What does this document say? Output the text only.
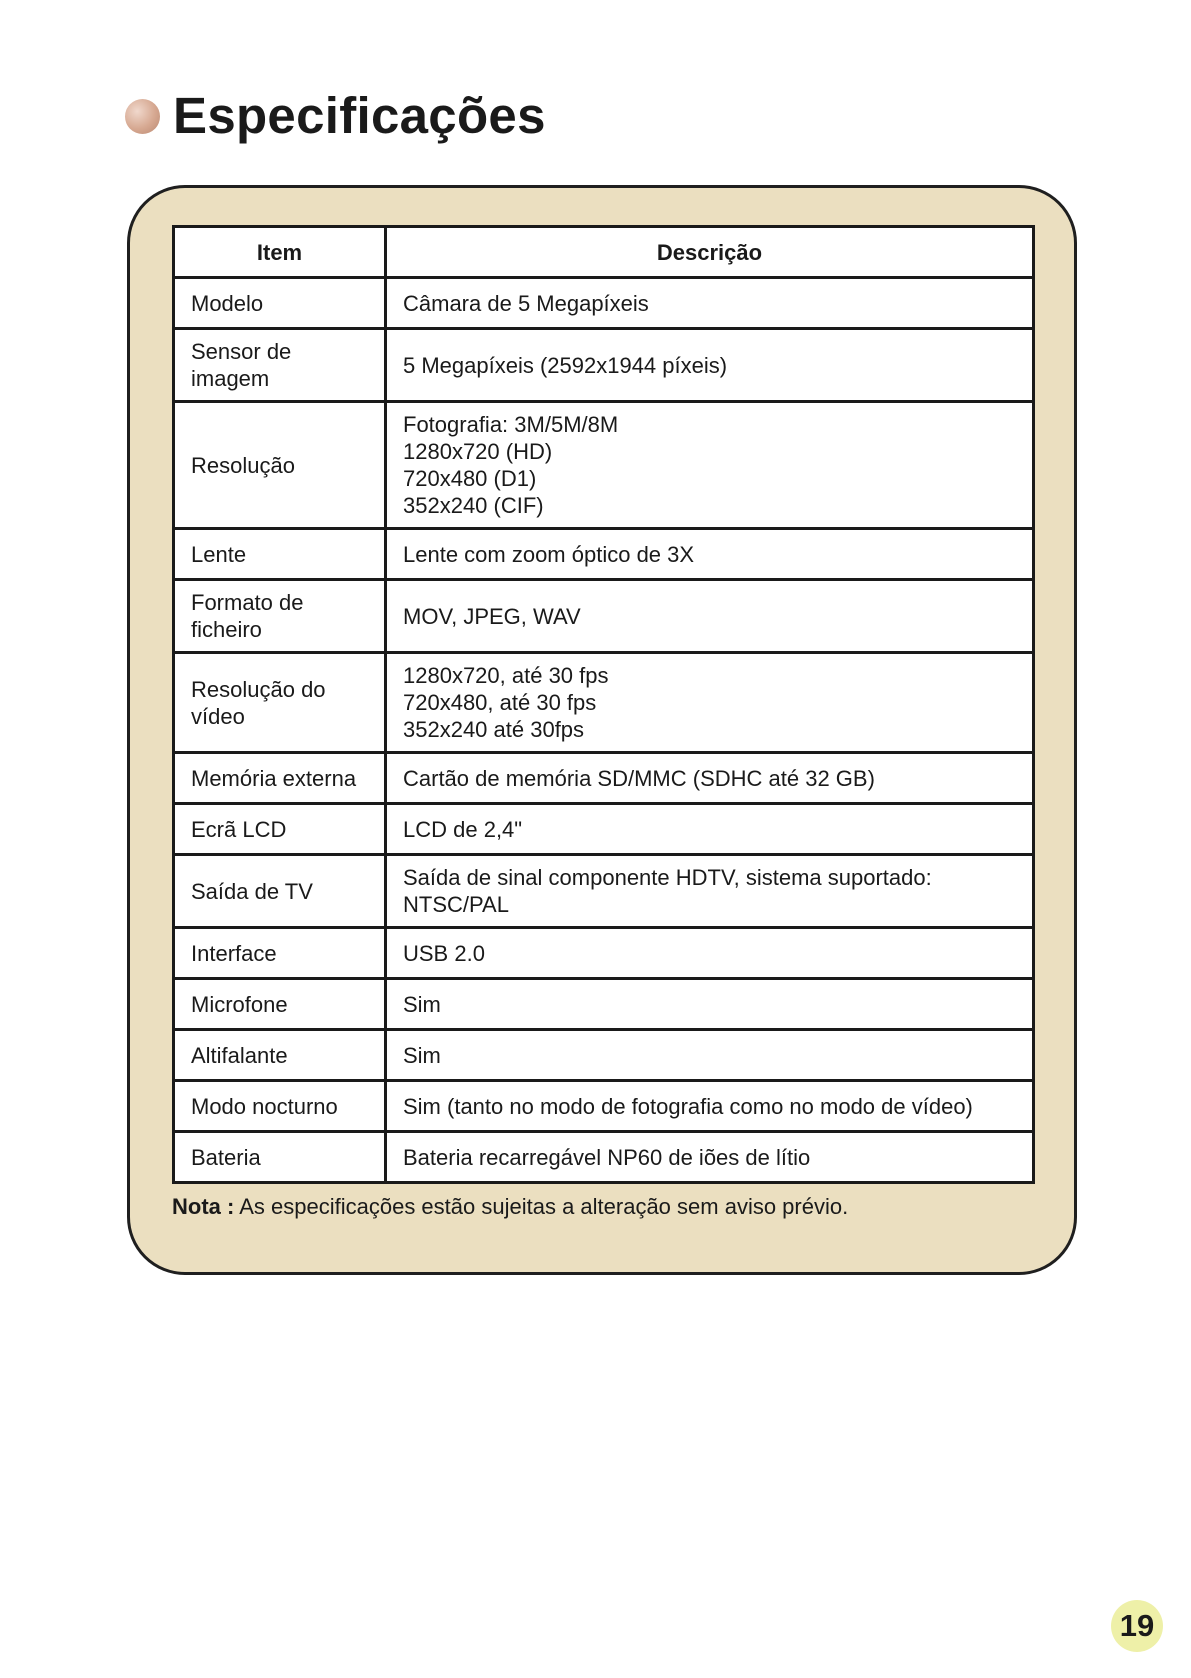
Especificações
Item	Descrição
Modelo	Câmara de 5 Megapíxeis
Sensor de imagem	5 Megapíxeis (2592x1944 píxeis)
Resolução	Fotografia: 3M/5M/8M
1280x720 (HD)
720x480 (D1)
352x240 (CIF)
Lente	Lente com zoom óptico de 3X
Formato de ficheiro	MOV, JPEG, WAV
Resolução do vídeo	1280x720, até 30 fps
720x480, até 30 fps
352x240 até 30fps
Memória externa	Cartão de memória SD/MMC (SDHC até 32 GB)
Ecrã LCD	LCD de 2,4"
Saída de TV	Saída de sinal componente HDTV, sistema suportado: NTSC/PAL
Interface	USB 2.0
Microfone	Sim
Altifalante	Sim
Modo nocturno	Sim (tanto no modo de fotografia como no modo de vídeo)
Bateria	Bateria recarregável NP60 de iões de lítio
Nota : As especificações estão sujeitas a alteração sem aviso prévio.
19
